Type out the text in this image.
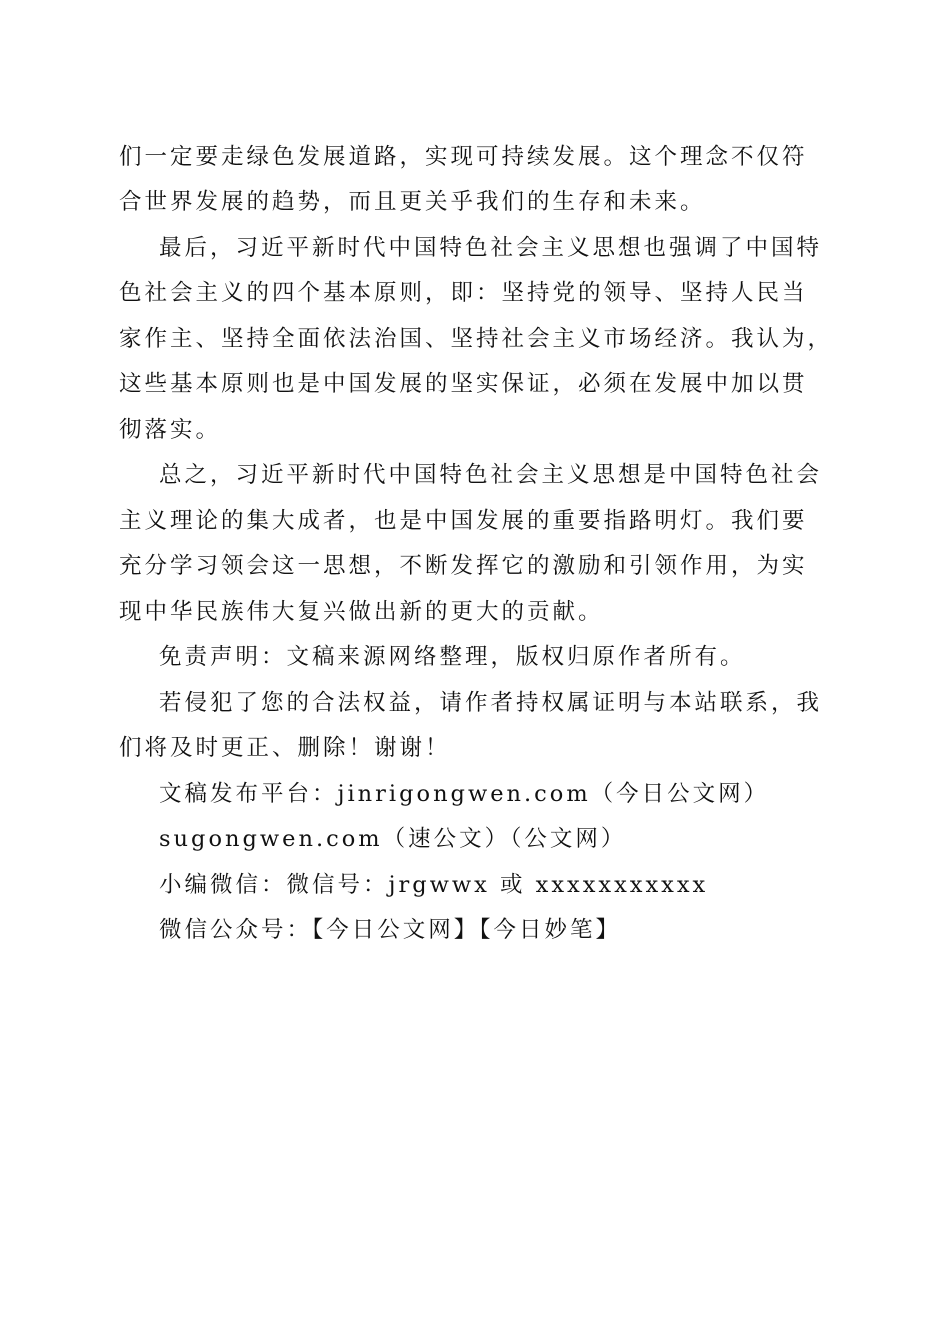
们一定要走绿色发展道路，实现可持续发展。这个理念不仅符
合世界发展的趋势，而且更关乎我们的生存和未来。
最后，习近平新时代中国特色社会主义思想也强调了中国特
色社会主义的四个基本原则，即：坚持党的领导、坚持人民当
家作主、坚持全面依法治国、坚持社会主义市场经济。我认为，
这些基本原则也是中国发展的坚实保证，必须在发展中加以贯
彻落实。
总之，习近平新时代中国特色社会主义思想是中国特色社会
主义理论的集大成者，也是中国发展的重要指路明灯。我们要
充分学习领会这一思想，不断发挥它的激励和引领作用，为实
现中华民族伟大复兴做出新的更大的贡献。
免责声明：文稿来源网络整理，版权归原作者所有。
若侵犯了您的合法权益，请作者持权属证明与本站联系，我
们将及时更正、删除！谢谢！
文稿发布平台：jinrigongwen.com（今日公文网）
sugongwen.com（速公文）（公文网）
小编微信：微信号：jrgwwx 或 xxxxxxxxxxx
微信公众号：【今日公文网】【今日妙笔】
